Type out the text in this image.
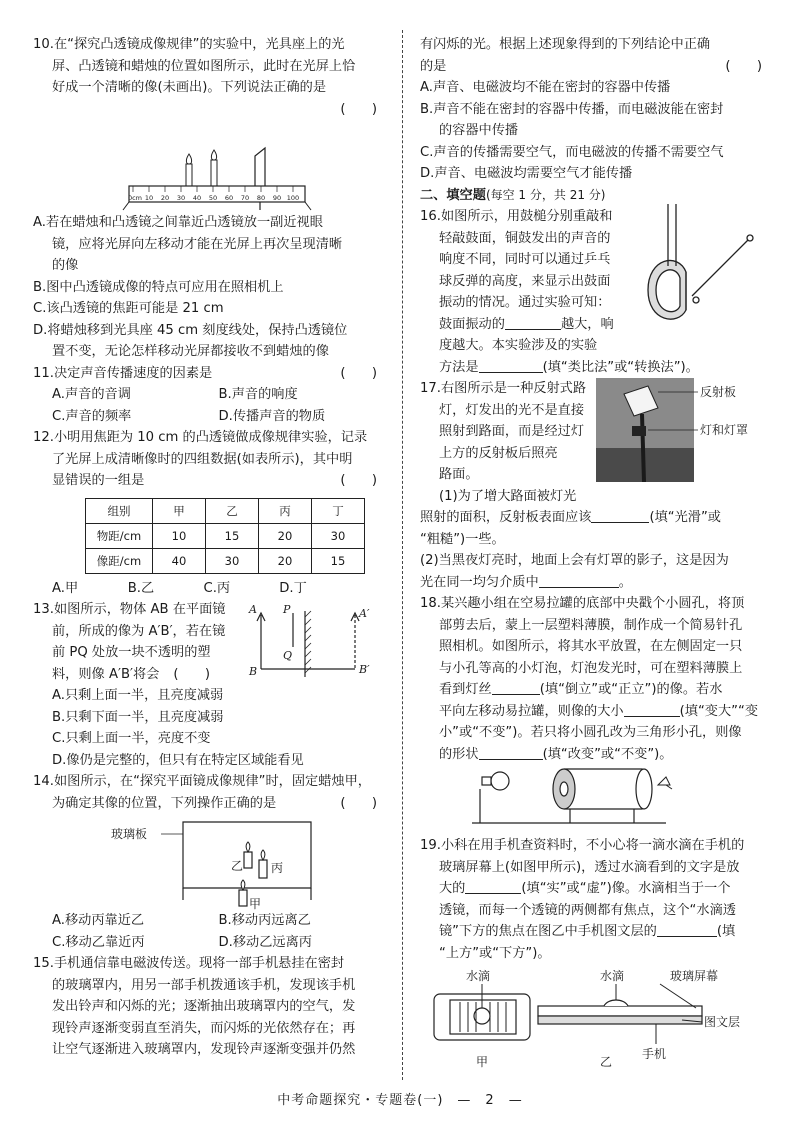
10.在“探究凸透镜成像规律”的实验中，光具座上的光
屏、凸透镜和蜡烛的位置如图所示，此时在光屏上恰
好成一个清晰的像(未画出)。下列说法正确的是
(　　)
0cm 10 20 30 40 50 60 70 80 90 100
A.若在蜡烛和凸透镜之间靠近凸透镜放一副近视眼
镜，应将光屏向左移动才能在光屏上再次呈现清晰
的像
B.图中凸透镜成像的特点可应用在照相机上
C.该凸透镜的焦距可能是 21 cm
D.将蜡烛移到光具座 45 cm 刻度线处，保持凸透镜位
置不变，无论怎样移动光屏都接收不到蜡烛的像
11.决定声音传播速度的因素是	(　　)
A.声音的音调	B.声音的响度
C.声音的频率	D.传播声音的物质
12.小明用焦距为 10 cm 的凸透镜做成像规律实验，记录
了光屏上成清晰像时的四组数据(如表所示)，其中明
显错误的一组是	(　　)
组别	甲	乙	丙	丁
物距/cm	10	15	20	30
像距/cm	40	30	20	15
A.甲	B.乙	C.丙	D.丁
13.如图所示，物体 AB 在平面镜
前，所成的像为 A′B′，若在镜
前 PQ 处放一块不透明的塑
料，则像 A′B′将会 (　　)
A
B
P
Q
A′
B′
A.只剩上面一半，且亮度减弱
B.只剩下面一半，且亮度减弱
C.只剩上面一半，亮度不变
D.像仍是完整的，但只有在特定区域能看见
14.如图所示，在“探究平面镜成像规律”时，固定蜡烛甲，
为确定其像的位置，下列操作正确的是	(　　)
玻璃板
乙 丙
甲
A.移动丙靠近乙	B.移动丙远离乙
C.移动乙靠近丙	D.移动乙远离丙
15.手机通信靠电磁波传送。现将一部手机悬挂在密封
的玻璃罩内，用另一部手机拨通该手机，发现该手机
发出铃声和闪烁的光；逐渐抽出玻璃罩内的空气，发
现铃声逐渐变弱直至消失，而闪烁的光依然存在；再
让空气逐渐进入玻璃罩内，发现铃声逐渐变强并仍然
有闪烁的光。根据上述现象得到的下列结论中正确
的是	(　　)
A.声音、电磁波均不能在密封的容器中传播
B.声音不能在密封的容器中传播，而电磁波能在密封
的容器中传播
C.声音的传播需要空气，而电磁波的传播不需要空气
D.声音、电磁波均需要空气才能传播
二、填空题(每空 1 分，共 21 分)
16.如图所示，用鼓槌分别重敲和
轻敲鼓面，铜鼓发出的声音的
响度不同，同时可以通过乒乓
球反弹的高度，来显示出鼓面
振动的情况。通过实验可知：
鼓面振动的	越大，响
度越大。本实验涉及的实验
方法是	(填“类比法”或“转换法”)。
17.右图所示是一种反射式路
灯，灯发出的光不是直接
照射到路面，而是经过灯
上方的反射板后照亮
路面。
(1)为了增大路面被灯光
照射的面积，反射板表面应该	(填“光滑”或
“粗糙”)一些。
(2)当黑夜灯亮时，地面上会有灯罩的影子，这是因为
光在同一均匀介质中	。
反射板
灯和灯罩
18.某兴趣小组在空易拉罐的底部中央戳个小圆孔，将顶
部剪去后，蒙上一层塑料薄膜，制作成一个简易针孔
照相机。如图所示，将其水平放置，在左侧固定一只
与小孔等高的小灯泡，灯泡发光时，可在塑料薄膜上
看到灯丝	(填“倒立”或“正立”)的像。若水
平向左移动易拉罐，则像的大小	(填“变大”“变
小”或“不变”)。若只将小圆孔改为三角形小孔，则像
的形状	(填“改变”或“不变”)。
19.小科在用手机查资料时，不小心将一滴水滴在手机的
玻璃屏幕上(如图甲所示)，透过水滴看到的文字是放
大的	(填“实”或“虚”)像。水滴相当于一个
透镜，而每一个透镜的两侧都有焦点，这个“水滴透
镜”下方的焦点在图乙中手机图文层的	(填
“上方”或“下方”)。
水滴	水滴	玻璃屏幕
图文层
手机
甲	乙
中考命题探究・专题卷(一)　—　2　—
